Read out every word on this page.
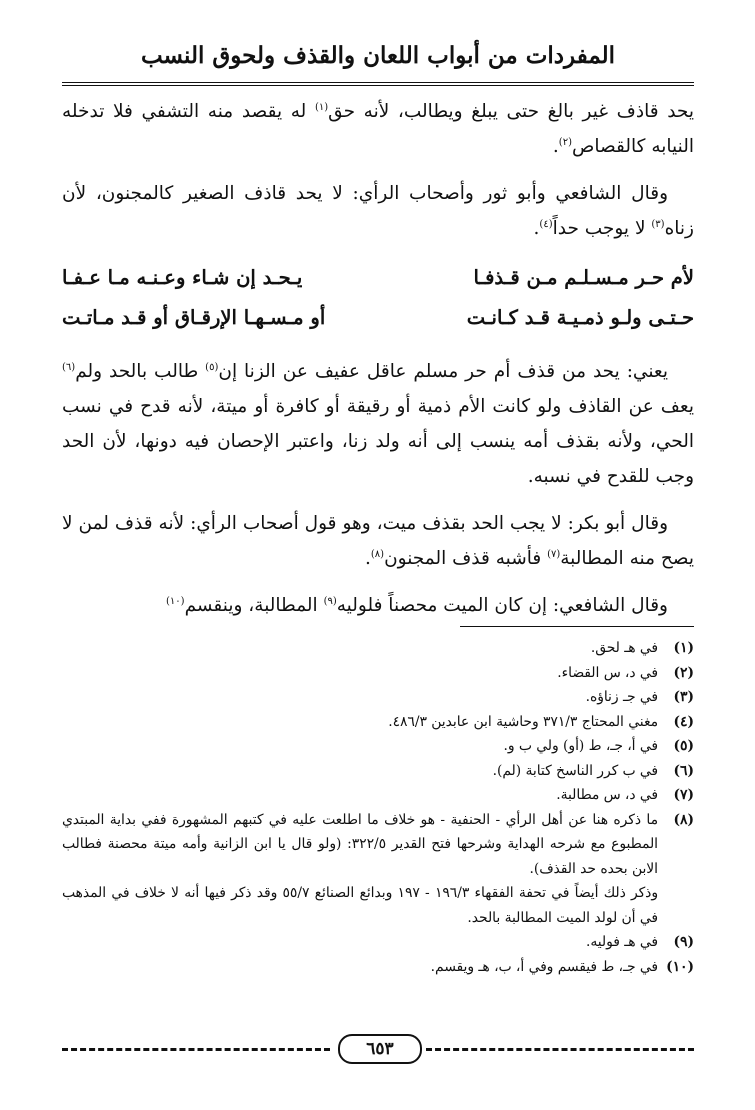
المفردات من أبواب اللعان والقذف ولحوق النسب

يحد قاذف غير بالغ حتى يبلغ ويطالب، لأنه حق$^{(١)}$ له يقصد منه التشفي فلا تدخله النيابه كالقصاص$^{(٢)}$.

وقال الشافعي وأبو ثور وأصحاب الرأي: لا يحد قاذف الصغير كالمجنون، لأن زناه$^{(٣)}$ لا يوجب حداً$^{(٤)}$.

لأم حـر مـسـلـم مـن قـذفـا
يـحـد إن شـاء وعـنـه مـا عـفـا
حـتـى ولـو ذمـيـة قـد كـانـت
أو مـسـهـا الإرقـاق أو قـد مـاتـت

يعني: يحد من قذف أم حر مسلم عاقل عفيف عن الزنا إن$^{(٥)}$ طالب بالحد ولم$^{(٦)}$ يعف عن القاذف ولو كانت الأم ذمية أو رقيقة أو كافرة أو ميتة، لأنه قدح في نسب الحي، ولأنه بقذف أمه ينسب إلى أنه ولد زنا، واعتبر الإحصان فيه دونها، لأن الحد وجب للقدح في نسبه.

وقال أبو بكر: لا يجب الحد بقذف ميت، وهو قول أصحاب الرأي: لأنه قذف لمن لا يصح منه المطالبة$^{(٧)}$ فأشبه قذف المجنون$^{(٨)}$.

وقال الشافعي: إن كان الميت محصناً فلوليه$^{(٩)}$ المطالبة، وينقسم$^{(١٠)}$

(١)
في هـ لحق.
(٢)
في د، س القضاء.
(٣)
في جـ زناؤه.
(٤)
مغني المحتاج ٣٧١/٣ وحاشية ابن عابدين ٤٨٦/٣.
(٥)
في أ، جـ، ط (أو) ولي ب و.
(٦)
في ب كرر الناسخ كتابة (لم).
(٧)
في د، س مطالبة.
(٨)
ما ذكره هنا عن أهل الرأي - الحنفية - هو خلاف ما اطلعت عليه في كتبهم المشهورة ففي بداية المبتدي المطبوع مع شرحه الهداية وشرحها فتح القدير ٣٢٢/٥: (ولو قال يا ابن الزانية وأمه ميتة محصنة فطالب الابن بحده حد القذف).
وذكر ذلك أيضاً في تحفة الفقهاء ١٩٦/٣ - ١٩٧ وبدائع الصنائع ٥٥/٧ وقد ذكر فيها أنه لا خلاف في المذهب في أن لولد الميت المطالبة بالحد.
(٩)
في هـ فوليه.
(١٠)
في جـ، ط فيقسم وفي أ، ب، هـ ويقسم.
٦٥٣
